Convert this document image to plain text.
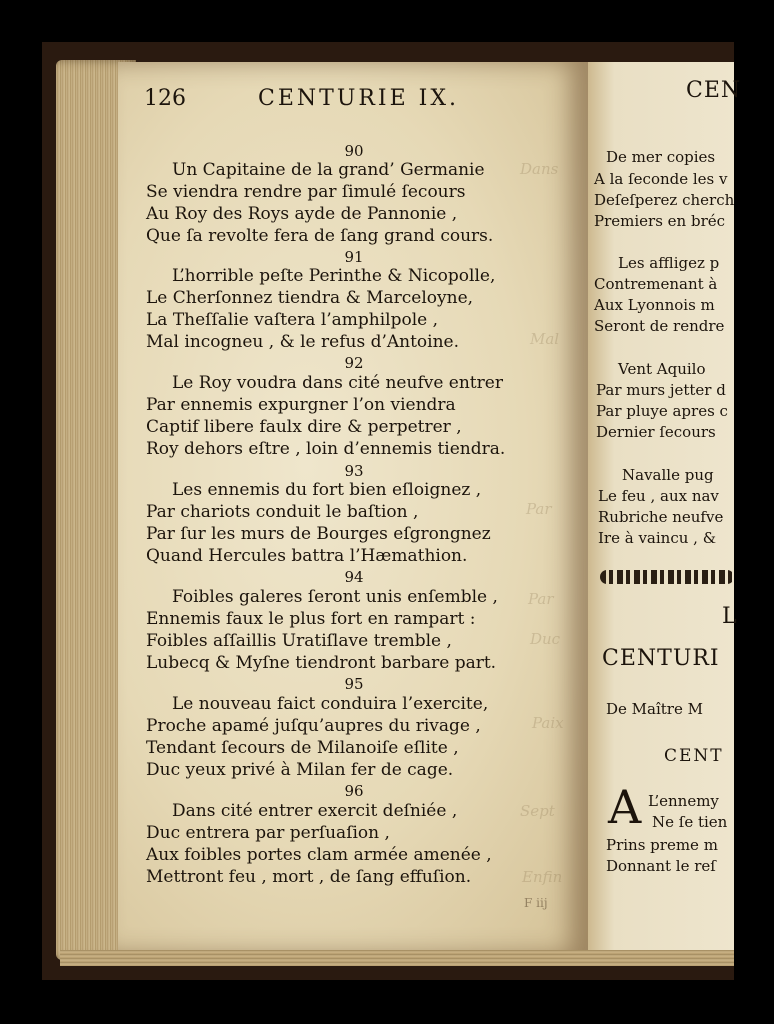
126	CENTURIE IX.
Dans
Mal
Par
Duc
Par
Paix
Sept
Enfin
90
Un Capitaine de la grand’ Germanie
Se viendra rendre par ſimulé ſecours
Au Roy des Roys ayde de Pannonie ,
Que ſa revolte fera de ſang grand cours.
91
L’horrible peſte Perinthe & Nicopolle,
Le Cherſonnez tiendra & Marceloyne,
La Theſſalie vaſtera l’amphilpole ,
Mal incogneu , & le refus d’Antoine.
92
Le Roy voudra dans cité neufve entrer
Par ennemis expurgner l’on viendra
Captif libere faulx dire & perpetrer ,
Roy dehors eſtre , loin d’ennemis tiendra.
93
Les ennemis du fort bien eſloignez ,
Par chariots conduit le baſtion ,
Par ſur les murs de Bourges eſgrongnez
Quand Hercules battra l’Hæmathion.
94
Foibles galeres ſeront unis enſemble ,
Ennemis faux le plus fort en rampart :
Foibles aſſaillis Uratiſlave tremble ,
Lubecq & Myſne tiendront barbare part.
95
Le nouveau faict conduira l’exercite,
Proche apamé juſqu’aupres du rivage ,
Tendant ſecours de Milanoiſe eſlite ,
Duc yeux privé à Milan fer de cage.
96
Dans cité entrer exercit deſniée ,
Duc entrera par perſuaſion ,
Aux foibles portes clam armée amenée ,
Mettront feu , mort , de ſang effuſion.
F iij
CEN
De mer copies
A la ſeconde les v
Deſeſperez cherch
Premiers en bréc
Les affligez p
Contremenant à
Aux Lyonnois m
Seront de rendre
Vent Aquilo
Par murs jetter d
Par pluye apres c
Dernier ſecours
Navalle pug
Le feu , aux nav
Rubriche neufve
Ire à vaincu , &
L
CENTURI
De Maître M
CENT
A L’ennemy
Ne ſe tien
Prins preme m
Donnant le reſ
